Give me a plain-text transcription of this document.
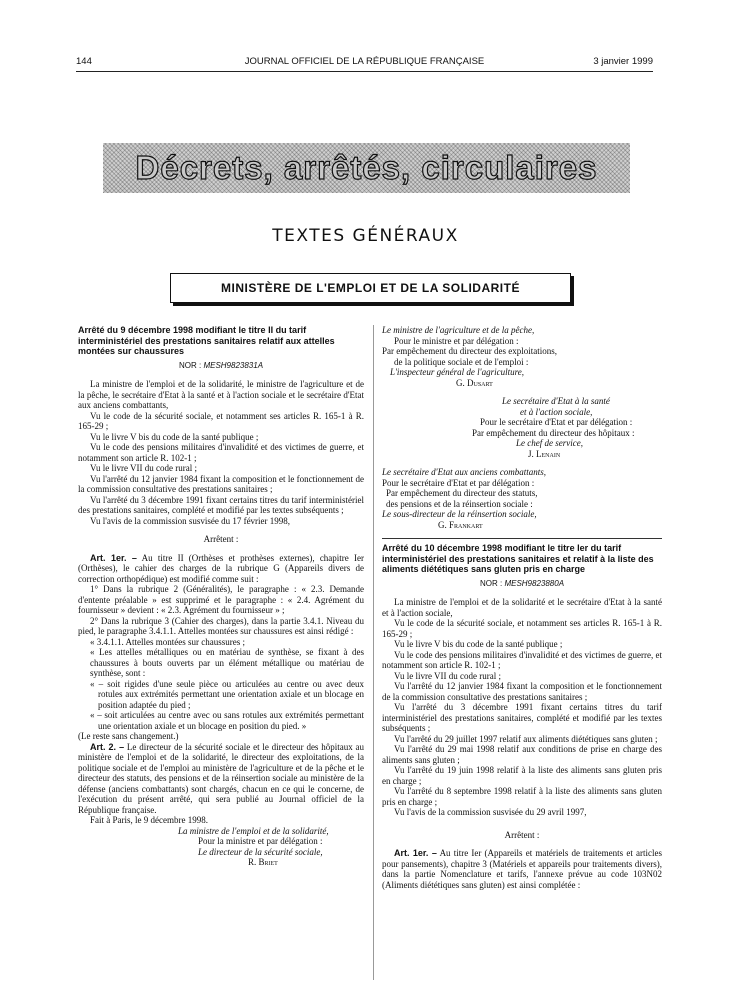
144	JOURNAL OFFICIEL DE LA RÉPUBLIQUE FRANÇAISE	3 janvier 1999
Décrets, arrêtés, circulaires
TEXTES GÉNÉRAUX
MINISTÈRE DE L'EMPLOI ET DE LA SOLIDARITÉ
Arrêté du 9 décembre 1998 modifiant le titre II du tarif interministériel des prestations sanitaires relatif aux attelles montées sur chaussures
NOR : MESH9823831A

La ministre de l'emploi et de la solidarité, le ministre de l'agriculture et de la pêche, le secrétaire d'Etat à la santé et à l'action sociale et le secrétaire d'Etat aux anciens combattants,

Vu le code de la sécurité sociale, et notamment ses articles R. 165-1 à R. 165-29 ;

Vu le livre V bis du code de la santé publique ;

Vu le code des pensions militaires d'invalidité et des victimes de guerre, et notamment son article R. 102-1 ;

Vu le livre VII du code rural ;

Vu l'arrêté du 12 janvier 1984 fixant la composition et le fonctionnement de la commission consultative des prestations sanitaires ;

Vu l'arrêté du 3 décembre 1991 fixant certains titres du tarif interministériel des prestations sanitaires, complété et modifié par les textes subséquents ;

Vu l'avis de la commission susvisée du 17 février 1998,

Arrêtent :

Art. 1er. – Au titre II (Orthèses et prothèses externes), chapitre Ier (Orthèses), le cahier des charges de la rubrique G (Appareils divers de correction orthopédique) est modifié comme suit :

1° Dans la rubrique 2 (Généralités), le paragraphe : « 2.3. Demande d'entente préalable » est supprimé et le paragraphe : « 2.4. Agrément du fournisseur » devient : « 2.3. Agrément du fournisseur » ;

2° Dans la rubrique 3 (Cahier des charges), dans la partie 3.4.1. Niveau du pied, le paragraphe 3.4.1.1. Attelles montées sur chaussures est ainsi rédigé :

« 3.4.1.1. Attelles montées sur chaussures ;

« Les attelles métalliques ou en matériau de synthèse, se fixant à des chaussures à bouts ouverts par un élément métallique ou matériau de synthèse, sont :

« – soit rigides d'une seule pièce ou articulées au centre ou avec deux rotules aux extrémités permettant une orientation axiale et un blocage en position adaptée du pied ;

« – soit articulées au centre avec ou sans rotules aux extrémités permettant une orientation axiale et un blocage en position du pied. »

(Le reste sans changement.)

Art. 2. – Le directeur de la sécurité sociale et le directeur des hôpitaux au ministère de l'emploi et de la solidarité, le directeur des exploitations, de la politique sociale et de l'emploi au ministère de l'agriculture et de la pêche et le directeur des statuts, des pensions et de la réinsertion sociale au ministère de la défense (anciens combattants) sont chargés, chacun en ce qui le concerne, de l'exécution du présent arrêté, qui sera publié au Journal officiel de la République française.

Fait à Paris, le 9 décembre 1998.

La ministre de l'emploi et de la solidarité,

Pour la ministre et par délégation :

Le directeur de la sécurité sociale,

R. Briet

Le ministre de l'agriculture et de la pêche,

Pour le ministre et par délégation :

Par empêchement du directeur des exploitations,

de la politique sociale et de l'emploi :

L'inspecteur général de l'agriculture,

G. Dusart

Le secrétaire d'Etat à la santé

et à l'action sociale,

Pour le secrétaire d'Etat et par délégation :

Par empêchement du directeur des hôpitaux :

Le chef de service,

J. Lenain

Le secrétaire d'Etat aux anciens combattants,

Pour le secrétaire d'Etat et par délégation :

Par empêchement du directeur des statuts,

des pensions et de la réinsertion sociale :

Le sous-directeur de la réinsertion sociale,

G. Frankart

Arrêté du 10 décembre 1998 modifiant le titre Ier du tarif interministériel des prestations sanitaires et relatif à la liste des aliments diététiques sans gluten pris en charge
NOR : MESH9823880A

La ministre de l'emploi et de la solidarité et le secrétaire d'Etat à la santé et à l'action sociale,

Vu le code de la sécurité sociale, et notamment ses articles R. 165-1 à R. 165-29 ;

Vu le livre V bis du code de la santé publique ;

Vu le code des pensions militaires d'invalidité et des victimes de guerre, et notamment son article R. 102-1 ;

Vu le livre VII du code rural ;

Vu l'arrêté du 12 janvier 1984 fixant la composition et le fonctionnement de la commission consultative des prestations sanitaires ;

Vu l'arrêté du 3 décembre 1991 fixant certains titres du tarif interministériel des prestations sanitaires, complété et modifié par les textes subséquents ;

Vu l'arrêté du 29 juillet 1997 relatif aux aliments diététiques sans gluten ;

Vu l'arrêté du 29 mai 1998 relatif aux conditions de prise en charge des aliments sans gluten ;

Vu l'arrêté du 19 juin 1998 relatif à la liste des aliments sans gluten pris en charge ;

Vu l'arrêté du 8 septembre 1998 relatif à la liste des aliments sans gluten pris en charge ;

Vu l'avis de la commission susvisée du 29 avril 1997,

Arrêtent :

Art. 1er. – Au titre Ier (Appareils et matériels de traitements et articles pour pansements), chapitre 3 (Matériels et appareils pour traitements divers), dans la partie Nomenclature et tarifs, l'annexe prévue au code 103N02 (Aliments diététiques sans gluten) est ainsi complétée :
